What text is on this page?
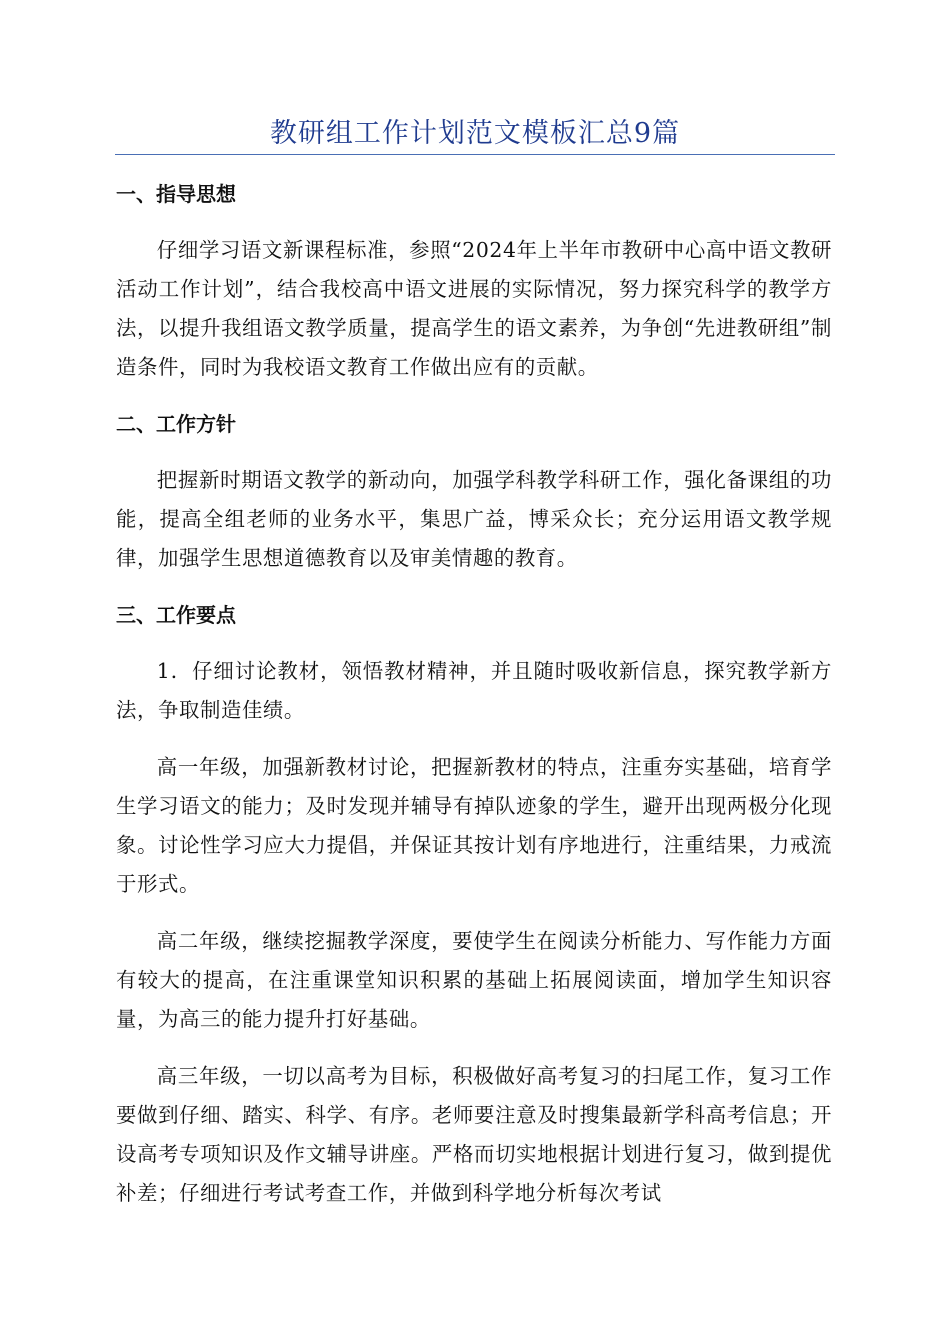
教研组工作计划范文模板汇总9篇
一、指导思想

仔细学习语文新课程标准，参照“2024年上半年市教研中心高中语文教研活动工作计划”，结合我校高中语文进展的实际情况，努力探究科学的教学方法，以提升我组语文教学质量，提高学生的语文素养，为争创“先进教研组”制造条件，同时为我校语文教育工作做出应有的贡献。

二、工作方针

把握新时期语文教学的新动向，加强学科教学科研工作，强化备课组的功能，提高全组老师的业务水平，集思广益，博采众长；充分运用语文教学规律，加强学生思想道德教育以及审美情趣的教育。

三、工作要点

1．仔细讨论教材，领悟教材精神，并且随时吸收新信息，探究教学新方法，争取制造佳绩。

高一年级，加强新教材讨论，把握新教材的特点，注重夯实基础，培育学生学习语文的能力；及时发现并辅导有掉队迹象的学生，避开出现两极分化现象。讨论性学习应大力提倡，并保证其按计划有序地进行，注重结果，力戒流于形式。

高二年级，继续挖掘教学深度，要使学生在阅读分析能力、写作能力方面有较大的提高，在注重课堂知识积累的基础上拓展阅读面，增加学生知识容量，为高三的能力提升打好基础。

高三年级，一切以高考为目标，积极做好高考复习的扫尾工作，复习工作要做到仔细、踏实、科学、有序。老师要注意及时搜集最新学科高考信息；开设高考专项知识及作文辅导讲座。严格而切实地根据计划进行复习，做到提优补差；仔细进行考试考查工作，并做到科学地分析每次考试
